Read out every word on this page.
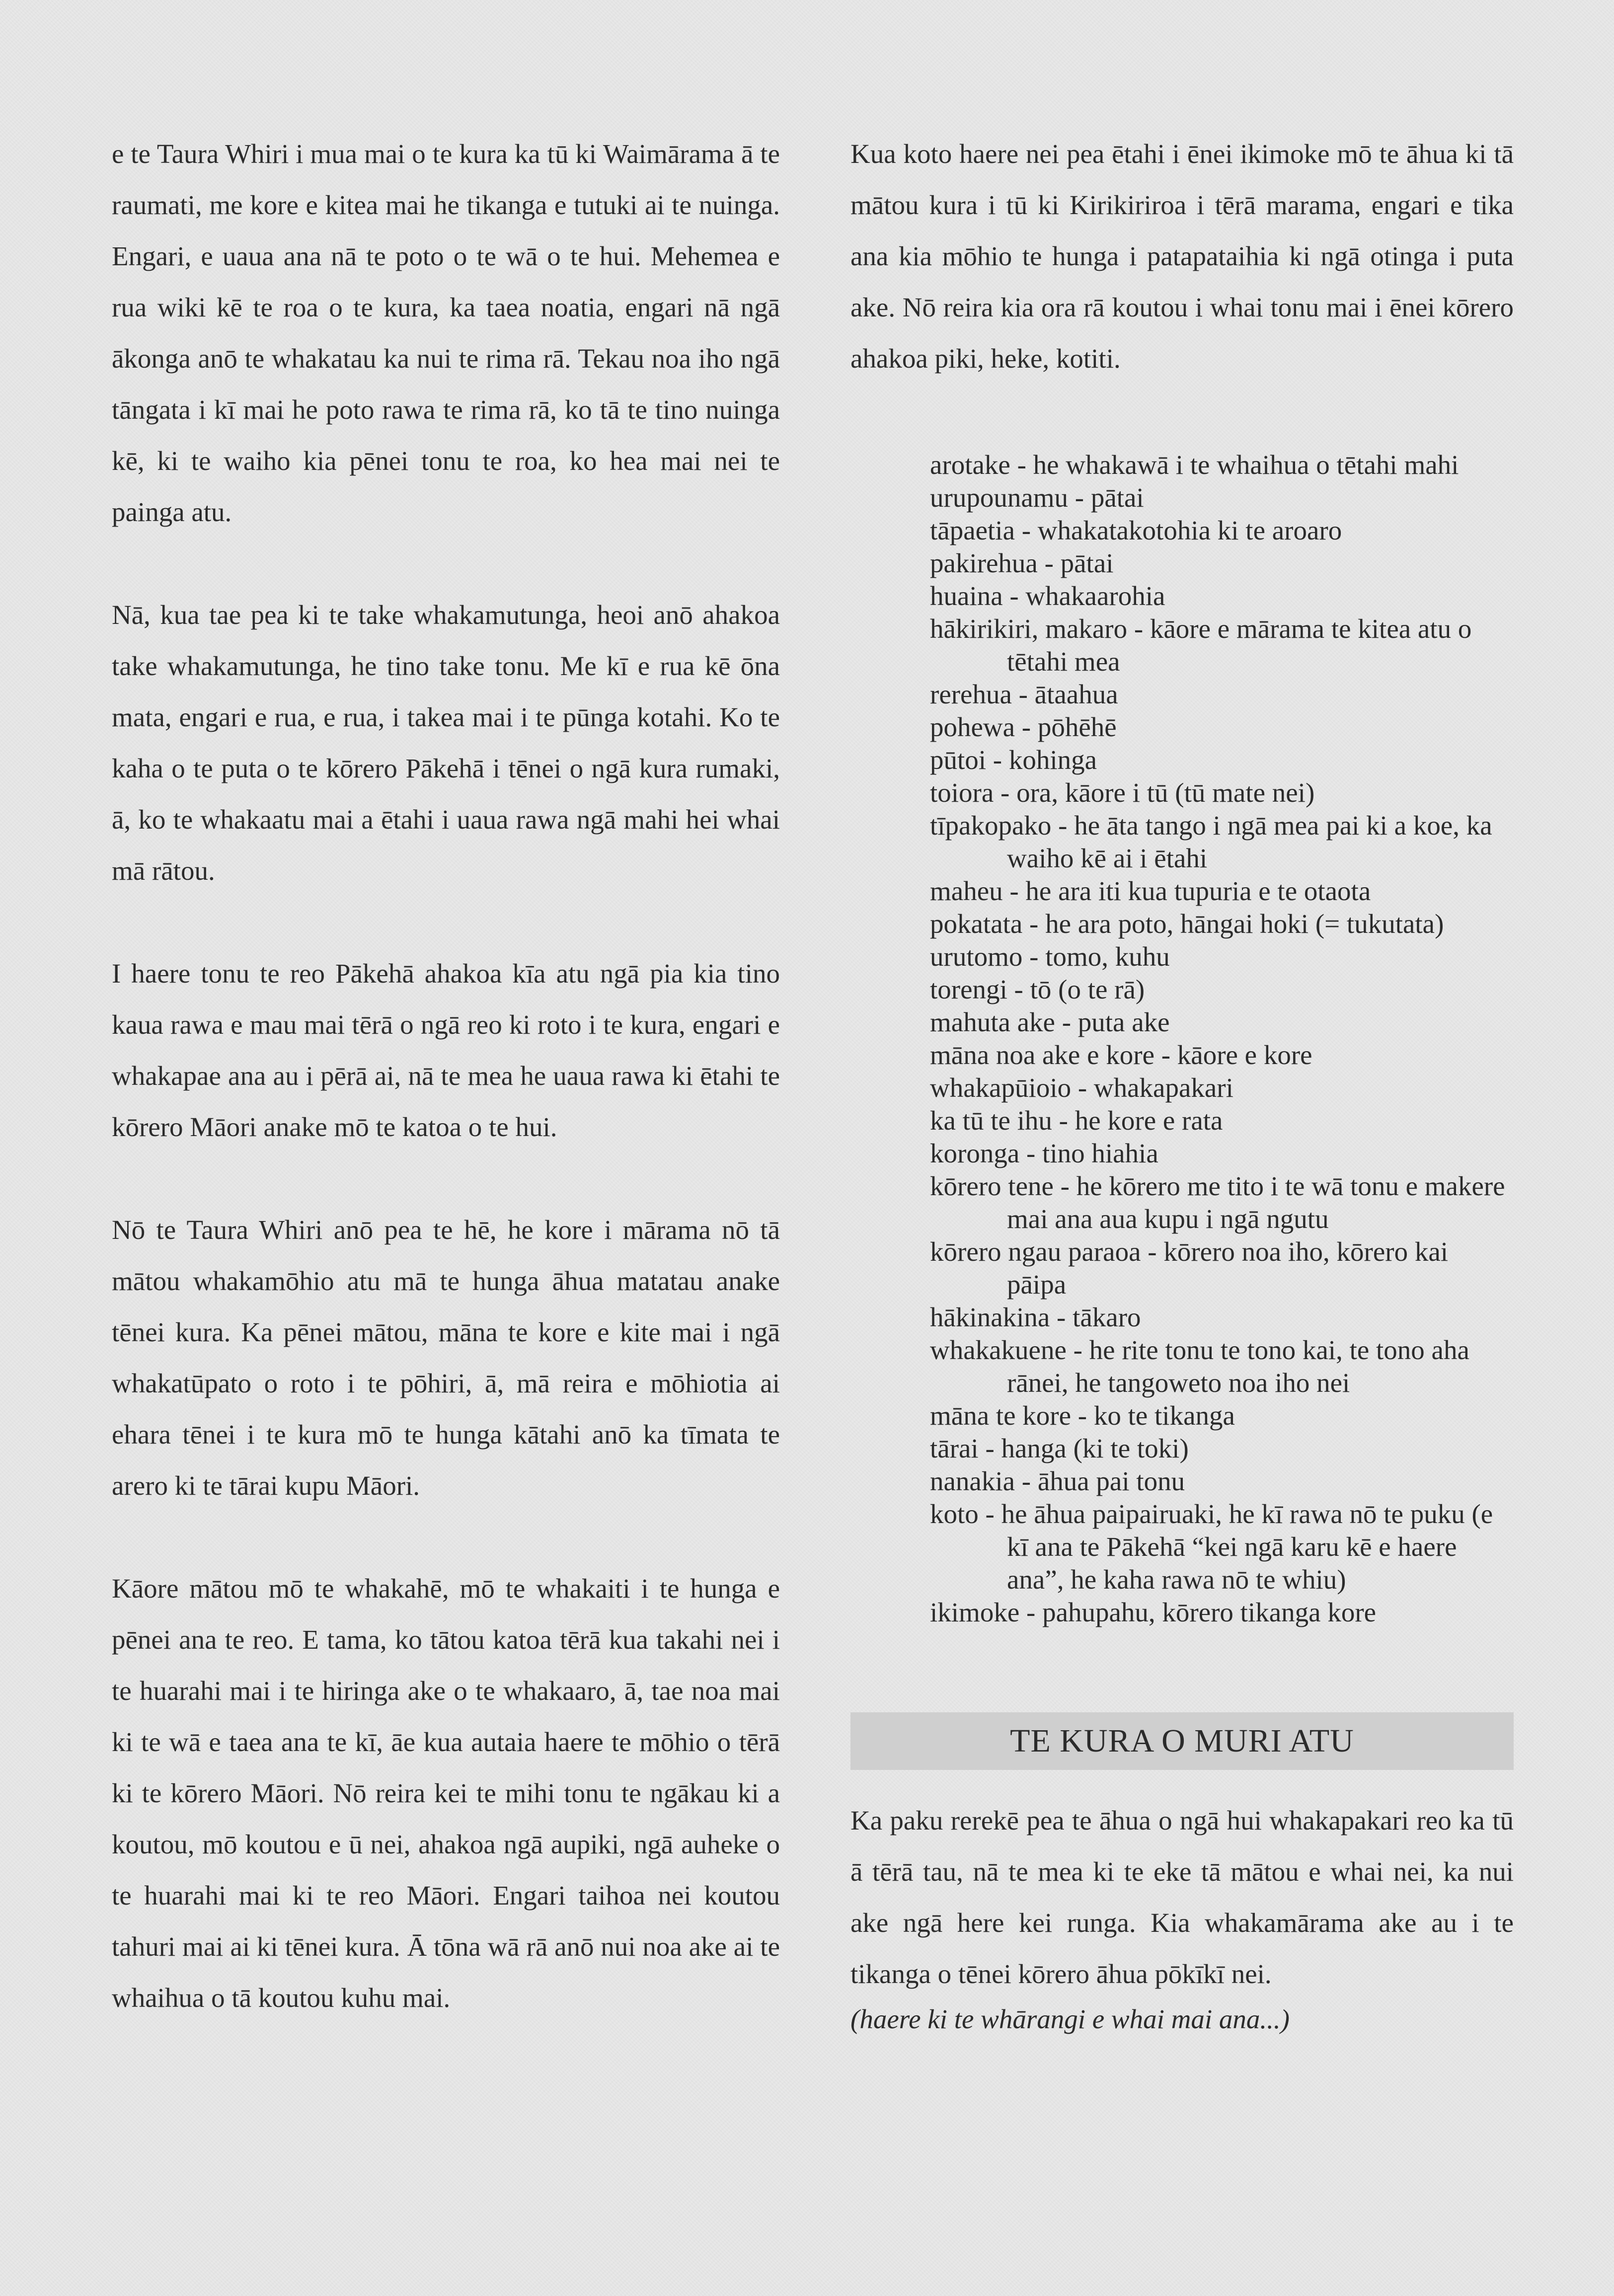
e te Taura Whiri i mua mai o te kura ka tū ki Waimārama ā te raumati, me kore e kitea mai he tikanga e tutuki ai te nuinga. Engari, e uaua ana nā te poto o te wā o te hui. Mehemea e rua wiki kē te roa o te kura, ka taea noatia, engari nā ngā ākonga anō te whakatau ka nui te rima rā. Tekau noa iho ngā tāngata i kī mai he poto rawa te rima rā, ko tā te tino nuinga kē, ki te waiho kia pēnei tonu te roa, ko hea mai nei te painga atu.

Nā, kua tae pea ki te take whakamutunga, heoi anō ahakoa take whakamutunga, he tino take tonu. Me kī e rua kē ōna mata, engari e rua, e rua, i takea mai i te pūnga kotahi. Ko te kaha o te puta o te kōrero Pākehā i tēnei o ngā kura rumaki, ā, ko te whakaatu mai a ētahi i uaua rawa ngā mahi hei whai mā rātou.

I haere tonu te reo Pākehā ahakoa kīa atu ngā pia kia tino kaua rawa e mau mai tērā o ngā reo ki roto i te kura, engari e whakapae ana au i pērā ai, nā te mea he uaua rawa ki ētahi te kōrero Māori anake mō te katoa o te hui.

Nō te Taura Whiri anō pea te hē, he kore i mārama nō tā mātou whakamōhio atu mā te hunga āhua matatau anake tēnei kura. Ka pēnei mātou, māna te kore e kite mai i ngā whakatūpato o roto i te pōhiri, ā, mā reira e mōhiotia ai ehara tēnei i te kura mō te hunga kātahi anō ka tīmata te arero ki te tārai kupu Māori.

Kāore mātou mō te whakahē, mō te whakaiti i te hunga e pēnei ana te reo. E tama, ko tātou katoa tērā kua takahi nei i te huarahi mai i te hiringa ake o te whakaaro, ā, tae noa mai ki te wā e taea ana te kī, āe kua autaia haere te mōhio o tērā ki te kōrero Māori. Nō reira kei te mihi tonu te ngākau ki a koutou, mō koutou e ū nei, ahakoa ngā aupiki, ngā auheke o te huarahi mai ki te reo Māori. Engari taihoa nei koutou tahuri mai ai ki tēnei kura. Ā tōna wā rā anō nui noa ake ai te whaihua o tā koutou kuhu mai.

Kua koto haere nei pea ētahi i ēnei ikimoke mō te āhua ki tā mātou kura i tū ki Kirikiriroa i tērā marama, engari e tika ana kia mōhio te hunga i patapataihia ki ngā otinga i puta ake. Nō reira kia ora rā koutou i whai tonu mai i ēnei kōrero ahakoa piki, heke, kotiti.

arotake - he whakawā i te whaihua o tētahi mahi
urupounamu - pātai
tāpaetia - whakatakotohia ki te aroaro
pakirehua - pātai
huaina - whakaarohia
hākirikiri, makaro - kāore e mārama te kitea atu o tētahi mea
rerehua - ātaahua
pohewa - pōhēhē
pūtoi - kohinga
toiora - ora, kāore i tū (tū mate nei)
tīpakopako - he āta tango i ngā mea pai ki a koe, ka waiho kē ai i ētahi
maheu - he ara iti kua tupuria e te otaota
pokatata - he ara poto, hāngai hoki (= tukutata)
urutomo - tomo, kuhu
torengi - tō (o te rā)
mahuta ake - puta ake
māna noa ake e kore - kāore e kore
whakapūioio - whakapakari
ka tū te ihu - he kore e rata
koronga - tino hiahia
kōrero tene - he kōrero me tito i te wā tonu e makere mai ana aua kupu i ngā ngutu
kōrero ngau paraoa - kōrero noa iho, kōrero kai pāipa
hākinakina - tākaro
whakakuene - he rite tonu te tono kai, te tono aha rānei, he tangoweto noa iho nei
māna te kore - ko te tikanga
tārai - hanga (ki te toki)
nanakia - āhua pai tonu
koto - he āhua paipairuaki, he kī rawa nō te puku (e kī ana te Pākehā “kei ngā karu kē e haere ana”, he kaha rawa nō te whiu)
ikimoke - pahupahu, kōrero tikanga kore
TE KURA O MURI ATU

Ka paku rerekē pea te āhua o ngā hui whakapakari reo ka tū ā tērā tau, nā te mea ki te eke tā mātou e whai nei, ka nui ake ngā here kei runga. Kia whakamārama ake au i te tikanga o tēnei kōrero āhua pōkīkī nei.

(haere ki te whārangi e whai mai ana...)
